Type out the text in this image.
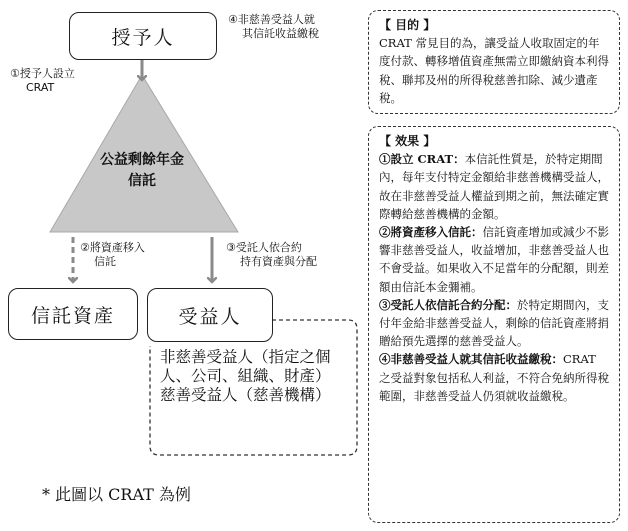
授予人
信託資產	受益人
公益剩餘年金
信託
①授予人設立
CRAT
②將資產移入
信託
③受託人依合約
持有資產與分配
④非慈善受益人就
其信託收益繳稅
非慈善受益人（指定之個人、公司、組織、財產）
慈善受益人（慈善機構）
* 此圖以 CRAT 為例
【 目的 】
CRAT 常見目的為，讓受益人收取固定的年度付款、轉移增值資產無需立即繳納資本利得稅、聯邦及州的所得稅慈善扣除、減少遺產稅。
【 效果 】
①設立 CRAT：本信託性質是，於特定期間內，每年支付特定金額給非慈善機構受益人，故在非慈善受益人權益到期之前，無法確定實際轉給慈善機構的金額。
②將資產移入信託：信託資產增加或減少不影響非慈善受益人，收益增加，非慈善受益人也不會受益。如果收入不足當年的分配額，則差額由信託本金彌補。
③受託人依信託合約分配：於特定期間內，支付年金給非慈善受益人，剩餘的信託資產將捐贈給預先選擇的慈善受益人。
④非慈善受益人就其信託收益繳稅：CRAT 之受益對象包括私人利益，不符合免納所得稅範圍，非慈善受益人仍須就收益繳稅。
